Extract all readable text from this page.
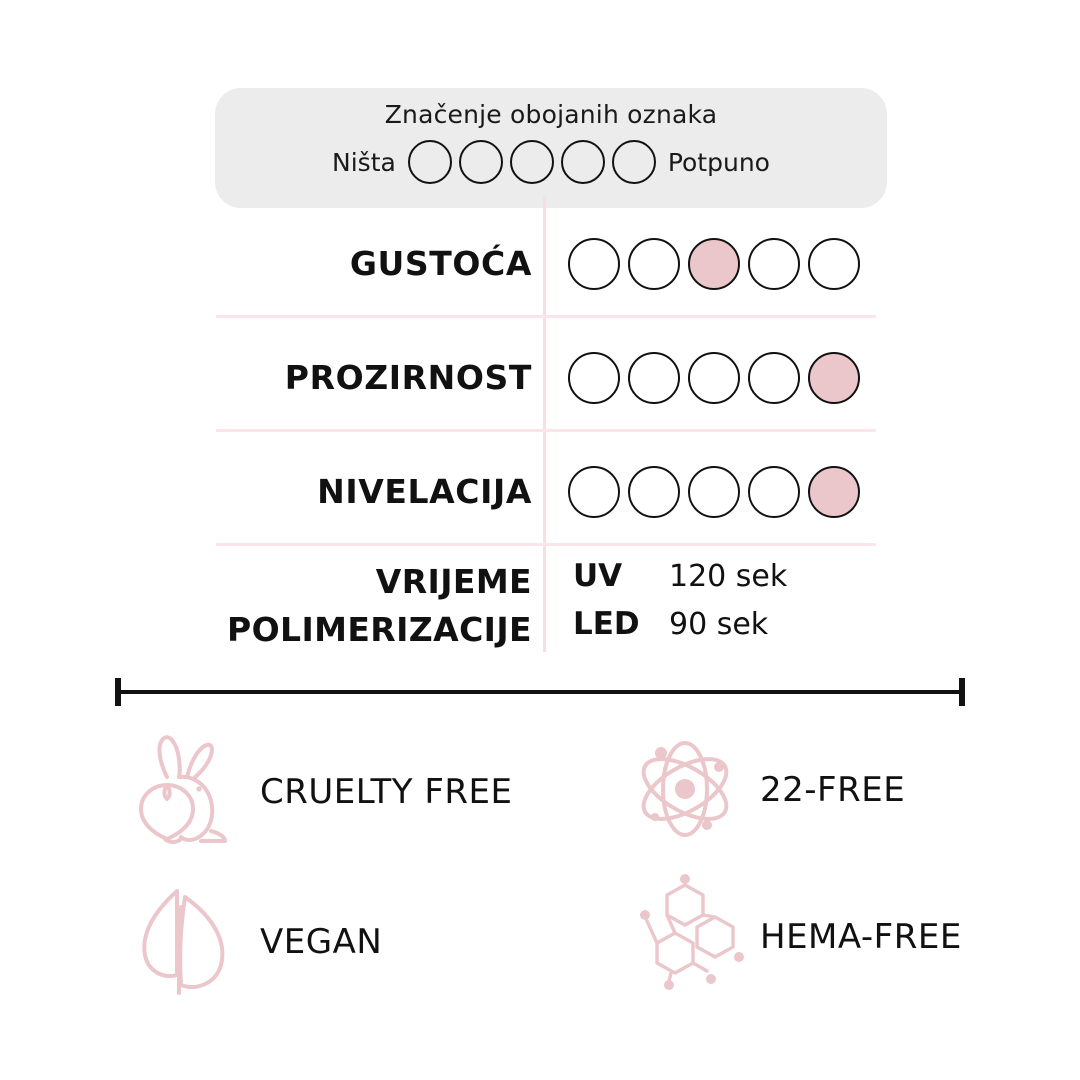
Značenje obojanih oznaka
Ništa	Potpuno
GUSTOĆA
PROZIRNOST
NIVELACIJA
VRIJEME
POLIMERIZACIJE
UV	120 sek
LED 90 sek
CRUELTY FREE
VEGAN
22-FREE
HEMA-FREE
